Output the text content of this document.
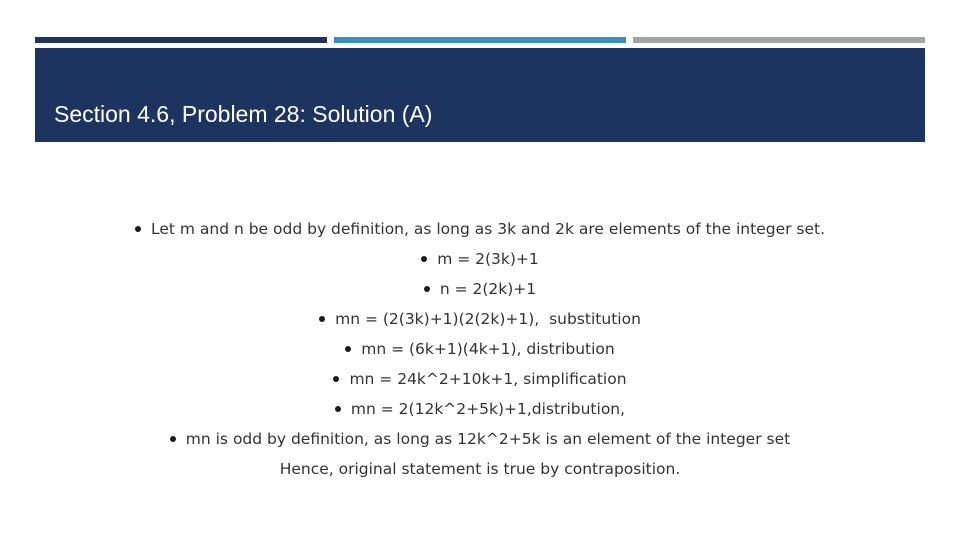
Section 4.6, Problem 28: Solution (A)
Let m and n be odd by definition, as long as 3k and 2k are elements of the integer set.
m = 2(3k)+1
n = 2(2k)+1
mn = (2(3k)+1)(2(2k)+1),  substitution
mn = (6k+1)(4k+1), distribution
mn = 24k^2+10k+1, simplification
mn = 2(12k^2+5k)+1,distribution,
mn is odd by definition, as long as 12k^2+5k is an element of the integer set
Hence, original statement is true by contraposition.
